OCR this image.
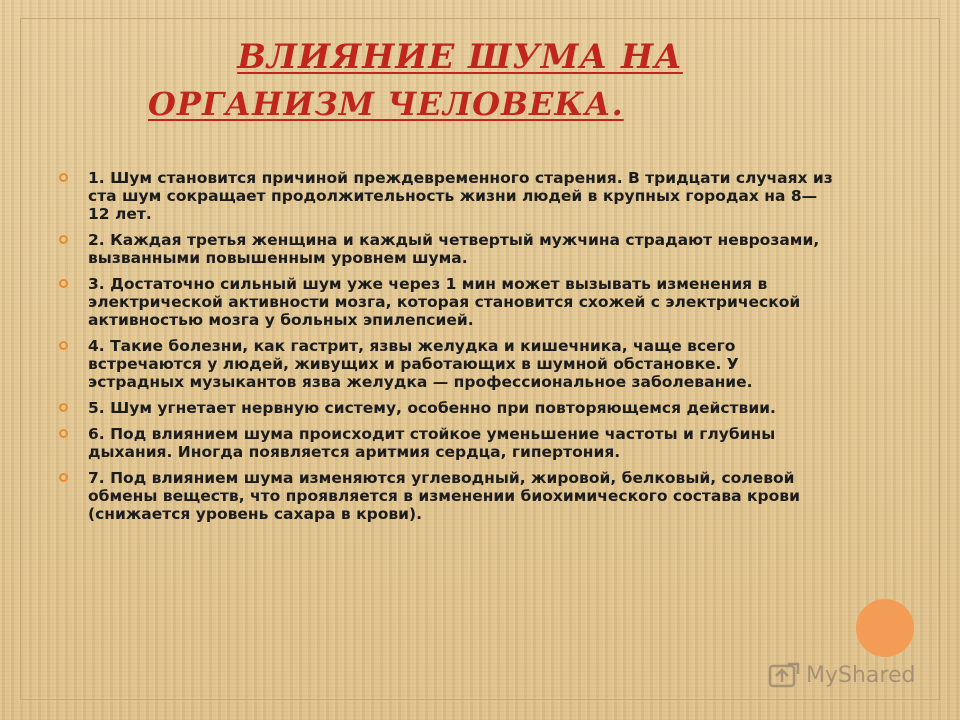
ВЛИЯНИЕ ШУМА НА
ОРГАНИЗМ ЧЕЛОВЕКА.
1. Шум становится причиной преждевременного старения. В тридцати случаях из ста шум сокращает продолжительность жизни людей в крупных городах на 8— 12 лет.
2. Каждая третья женщина и каждый четвертый мужчина страдают неврозами, вызванными повышенным уровнем шума.
3. Достаточно сильный шум уже через 1 мин может вызывать изменения в электрической активности мозга, которая становится схожей с электрической активностью мозга у больных эпилепсией.
4. Такие болезни, как гастрит, язвы желудка и кишечника, чаще всего встречаются у людей, живущих и работающих в шумной обстановке. У эстрадных музыкантов язва желудка — профессиональное заболевание.
5. Шум угнетает нервную систему, особенно при повторяющемся действии.
6. Под влиянием шума происходит стойкое уменьшение частоты и глубины дыхания. Иногда появляется аритмия сердца, гипертония.
7. Под влиянием шума изменяются углеводный, жировой, белковый, солевой обмены веществ, что проявляется в изменении биохимического состава крови (снижается уровень сахара в крови).
MyShared
